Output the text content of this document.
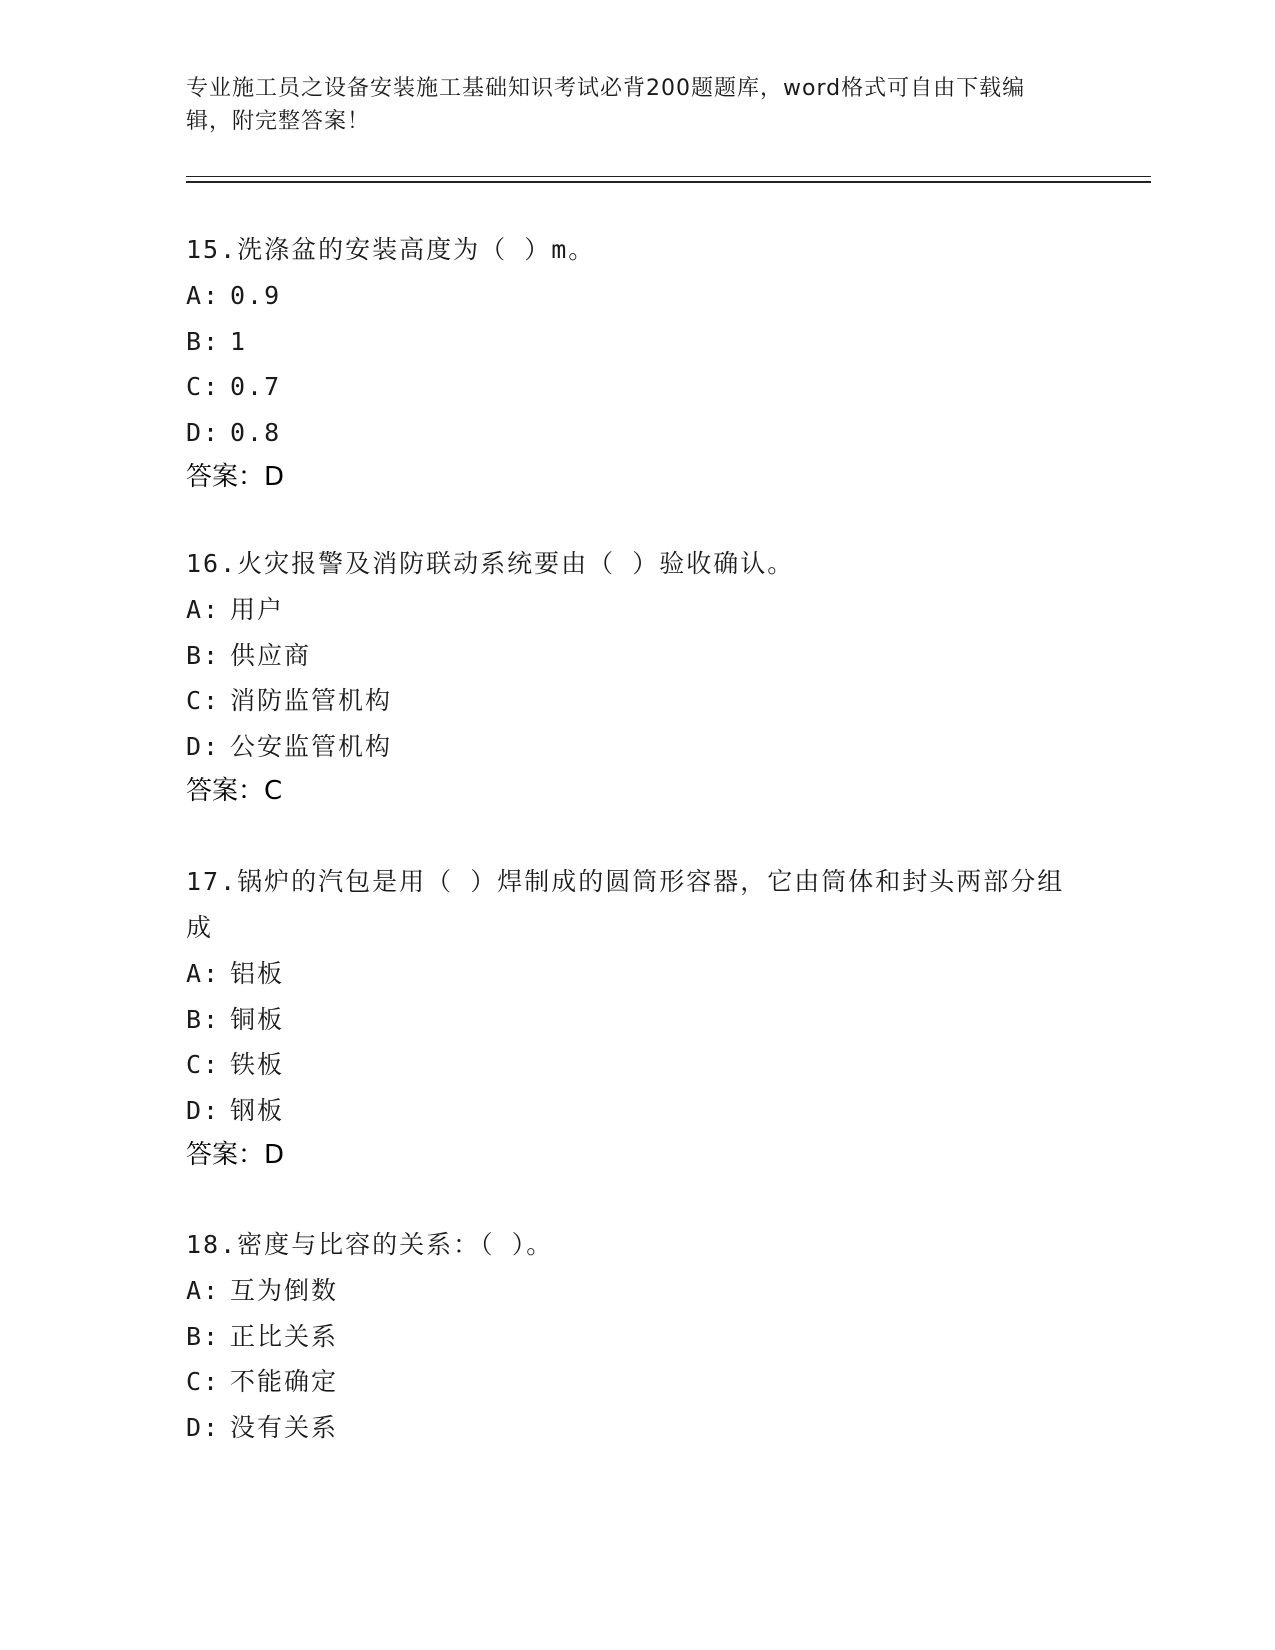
专业施工员之设备安装施工基础知识考试必背200题题库，word格式可自由下载编辑，附完整答案！

15.洗涤盆的安装高度为（ ）m。

A: 0.9
B: 1
C: 0.7
D: 0.8
答案：D

16.火灾报警及消防联动系统要由（ ）验收确认。

A: 用户
B: 供应商
C: 消防监管机构
D: 公安监管机构
答案：C

17.锅炉的汽包是用（ ）焊制成的圆筒形容器，它由筒体和封头两部分组成

A: 铝板
B: 铜板
C: 铁板
D: 钢板
答案：D

18.密度与比容的关系：（ ）。

A: 互为倒数
B: 正比关系
C: 不能确定
D: 没有关系
